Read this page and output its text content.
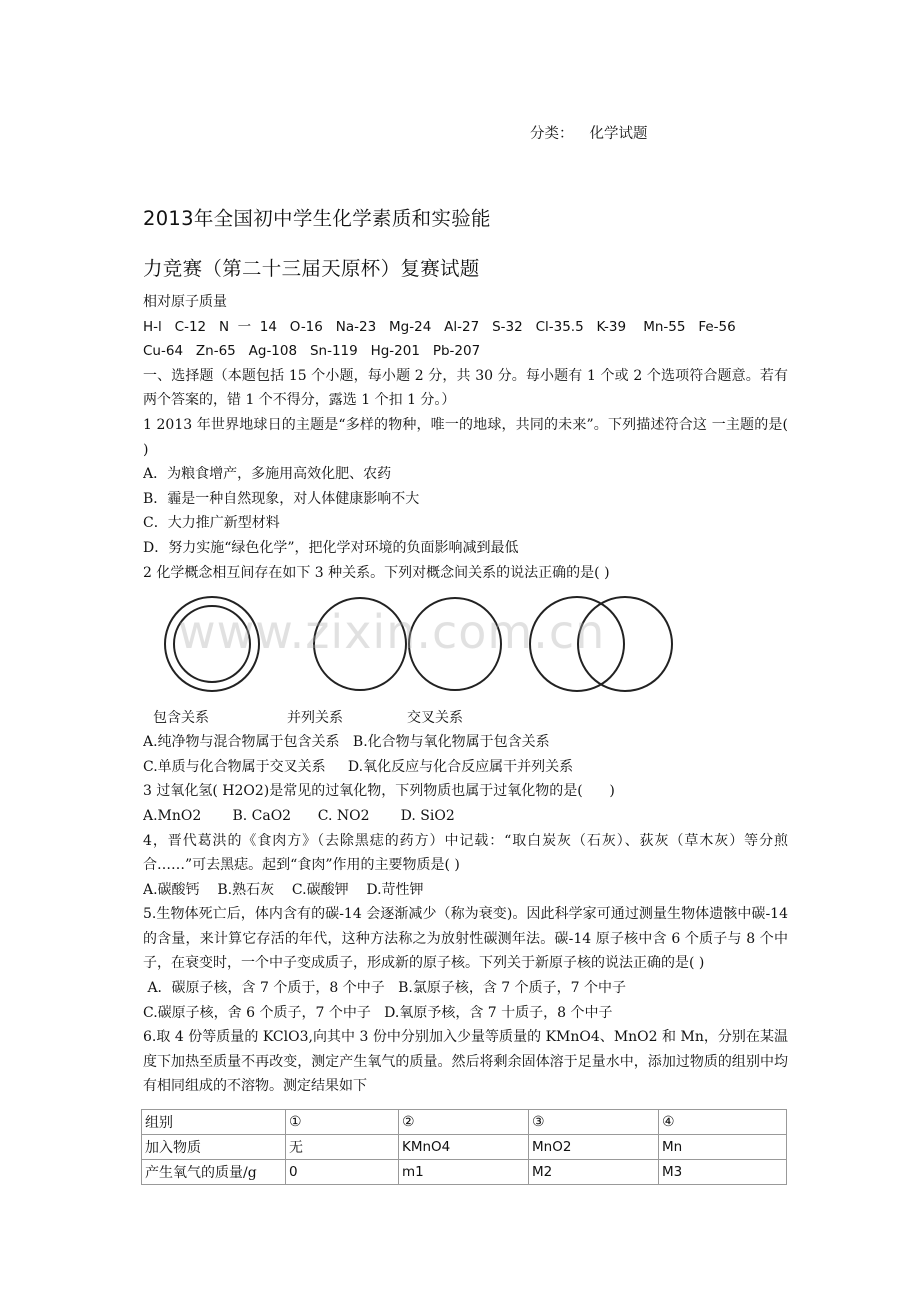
分类： 化学试题
2013年全国初中学生化学素质和实验能
力竞赛（第二十三届天原杯）复赛试题

相对原子质量

H-l   C-12   N  一  14   O-16   Na-23   Mg-24   Al-27   S-32   Cl-35.5   K-39    Mn-55   Fe-56

Cu-64   Zn-65   Ag-108   Sn-119   Hg-201   Pb-207

一、选择题（本题包括 15 个小题，每小题 2 分，共 30 分。每小题有 1 个或 2 个选项符合题意。若有两个答案的，错 1 个不得分，露选 1 个扣 1 分。）

1 2013 年世界地球日的主题是“多样的物种，唯一的地球，共同的未来”。下列描述符合这 一主题的是( )

A．为粮食增产，多施用高效化肥、农药

B．霾是一种自然现象，对人体健康影响不大

C．大力推广新型材料

D．努力实施“绿色化学”，把化学对环境的负面影响减到最低

2 化学概念相互间存在如下 3 种关系。下列对概念间关系的说法正确的是( )

包含关系	并列关系	交叉关系

A.纯净物与混合物属于包含关系   B.化合物与氧化物属于包含关系

C.单质与化合物属于交叉关系     D.氧化反应与化合反应属干并列关系

3 过氧化氢( H2O2)是常见的过氧化物，下列物质也属于过氧化物的是(      )

A.MnO2       B. CaO2      C. NO2       D. SiO2

4，晋代葛洪的《食肉方》（去除黑痣的药方）中记载：“取白炭灰（石灰）、荻灰（草木灰）等分煎合……”可去黑痣。起到“食肉”作用的主要物质是( )

A.碳酸钙    B.熟石灰    C.碳酸钾    D.苛性钾

5.生物体死亡后，体内含有的碳-14 会逐渐减少（称为衰变)。因此科学家可通过测量生物体遗骸中碳-14 的含量，来计算它存活的年代，这种方法称之为放射性碳测年法。碳-14 原子核中含 6 个质子与 8 个中子，在衰变时，一个中子变成质子，形成新的原子核。下列关于新原子核的说法正确的是( )

A．碳原子核，含 7 个质于，8 个中子   B.氯原子核，含 7 个质子，7 个中子

C.碳原子核，舍 6 个质子，7 个中子   D.氧原予核，含 7 十质子，8 个中子

6.取 4 份等质量的 KClO3,向其中 3 份中分别加入少量等质量的 KMnO4、MnO2 和 Mn，分别在某温度下加热至质量不再改变，测定产生氧气的质量。然后将剩余固体溶于足量水中，添加过物质的组别中均有相同组成的不溶物。测定结果如下

www.zixin.com.cn
组别	①	②	③	④
加入物质	无	KMnO4	MnO2	Mn
产生氧气的质量/g	0	m1	M2	M3
